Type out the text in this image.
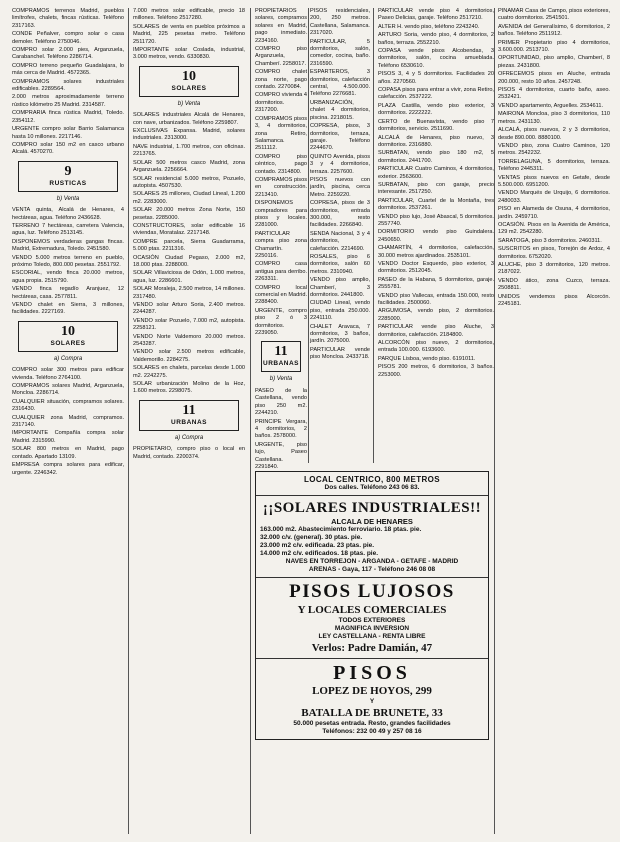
COMPRAMOS terrenos Madrid, pueblos limítrofes, chalets, fincas rústicas. Teléfono 2317163.

CONDE Peñalver, compro solar o casa demoler. Teléfono 2750046.

COMPRO solar 2.000 pies, Arganzuela, Carabanchel. Teléfono 2286714.

COMPRO terreno pequeño Guadalajara, lo más cerca de Madrid. 4572365.

COMPRAMOS solares industriales edificables. 2289564.

2.000 metros aproximadamente terreno rústico kilómetro 25 Madrid. 2314587.

COMPRARIA finca rústica Madrid, Toledo. 2354112.

URGENTE compro solar Barrio Salamanca hasta 10 millones. 2217146.

COMPRO solar 150 m2 en casco urbano Alcalá. 4570270.

9
RUSTICAS
b) Venta

VENTA quinta, Alcalá de Henares, 4 hectáreas, agua. Teléfono 2436628.

TERRENO 7 hectáreas, carretera Valencia, agua, luz. Teléfono 2513145.

DISPONEMOS verdaderas gangas fincas. Madrid, Extremadura, Toledo. 2451580.

VENDO 5.000 metros terreno en pueblo, próximo Toledo, 800.000 pesetas. 2551792.

ESCORIAL, vendo finca 20.000 metros, agua propia. 2515790.

VENDO finca regadío Aranjuez, 12 hectáreas, casa. 2577811.

VENDO chalet en Sierra, 3 millones, facilidades. 2227169.

10
SOLARES
a) Compra

COMPRO solar 300 metros para edificar vivienda. Teléfono 2764100.

COMPRAMOS solares Madrid, Arganzuela, Moncloa. 2286714.

CUALQUIER situación, compramos solares. 2316430.

CUALQUIER zona Madrid, compramos. 2317140.

IMPORTANTE Compañía compra solar Madrid. 2315990.

SOLAR 800 metros en Madrid, pago contado. Apartado 13109.

EMPRESA compra solares para edificar, urgente. 2246342.

7.000 metros solar edificable, precio 18 millones. Teléfono 2517280.

SOLARES de venta en pueblos próximos a Madrid, 225 pesetas metro. Teléfono 2511720.

IMPORTANTE solar Coslada, industrial, 3.000 metros, vendo. 6330830.

10
SOLARES
b) Venta

SOLARES industriales Alcalá de Henares, con nave, urbanizados. Teléfono 2259807.

EXCLUSIVAS Expansa. Madrid, solares industriales. 2313000.

NAVE industrial, 1.700 metros, con oficinas. 2213765.

SOLAR 500 metros casco Madrid, zona Arganzuela. 2256664.

SOLAR residencial 5.000 metros, Pozuelo, autopista. 4507530.

SOLARES 25 millones, Ciudad Lineal, 1.200 m2. 2283000.

SOLAR 20.000 metros Zona Norte, 150 pesetas. 2285000.

CONSTRUCTORES, solar edificable 16 viviendas, Moratalaz. 2217148.

COMPRE parcela, Sierra Guadarrama, 5.000 ptas. 2211316.

OCASIÓN Ciudad Pegaso, 2.000 m2, 18.000 ptas. 2288000.

SOLAR Villaviciosa de Odón, 1.000 metros, agua, luz. 2286601.

SOLAR Moraleja, 2.500 metros, 14 millones. 2317480.

VENDO solar Arturo Soria, 2.400 metros. 2244287.

VENDO solar Pozuelo, 7.000 m2, autopista. 2258121.

VENDO Norte Valdemoro 20.000 metros. 2543287.

VENDO solar 2.500 metros edificable, Valdemorillo. 2284275.

SOLARES en chalets, parcelas desde 1.000 m2. 2242275.

SOLAR urbanización Molino de la Hoz, 1.600 metros. 2298075.

11
URBANAS
a) Compra

PROPIETARIO, compro piso o local en Madrid, contado. 2200374.

PROPIETARIOS solares, compramos solares en Madrid, pago inmediato. 2234160.

COMPRO piso Arganzuela, Chamberí. 2258017.

COMPRO chalet zona norte, pago contado. 2270084.

COMPRO vivienda 4 dormitorios. 2317200.

COMPRAMOS pisos 3, 4 dormitorios, zona Retiro, Salamanca. 2511112.

COMPRO piso céntrico, pago contado. 2314800.

COMPRAMOS pisos en construcción. 2213410.

DISPONEMOS compradores para pisos y locales. 2281000.

PARTICULAR compra piso zona Chamartín. 2250116.

COMPRO casa antigua para derribo. 2263311.

COMPRO local comercial en Madrid. 2288400.

URGENTE, compro piso 2 ó 3 dormitorios. 2239050.

11
URBANAS
b) Venta

PASEO de la Castellana, vendo piso 250 m2. 2244210.

PRINCIPE Vergara, 4 dormitorios, 2 baños. 2578000.

URGENTE, piso lujo, Paseo Castellana. 2291840.

PISOS residenciales, 200, 250 metros. Castellana, Salamanca. 2317020.

PARTICULAR, 5 dormitorios, salón, comedor, cocina, baño. 2316590.

ESPARTEROS, 3 dormitorios, calefacción central, 4.500.000. Teléfono 2276681.

URBANIZACIÓN, chalet 4 dormitorios, piscina. 2218015.

COPRESA, pisos, 3 dormitorios, terraza, garaje. Teléfono 2244670.

QUINTO Avenida, pisos 3 y 4 dormitorios, terraza. 2257600.

PISOS nuevos con jardín, piscina, cerca Metro. 2259220.

COPRESA, pisos de 3 dormitorios, entrada 300.000, resto facilidades. 2266840.

SENDA Nacional, 3 y 4 dormitorios, calefacción. 2214690.

ROSALES, piso 6 dormitorios, salón 60 metros. 2310940.

VENDO piso amplio, Chamberí, 3 dormitorios. 2441800.

CIUDAD Lineal, vendo piso, entrada 250.000. 2241110.

CHALET Aravaca, 7 dormitorios, 3 baños, jardín. 2075000.

PARTICULAR vende piso Moncloa. 2433718.

PARTICULAR vende piso 4 dormitorios, Paseo Delicias, garaje. Teléfono 2517210.

ALTER H. vendo piso, teléfono 2243240.

ARTURO Soria, vendo piso, 4 dormitorios, 2 baños, terraza. 2552210.

COPASA vende pisos Alcobendas, 3 dormitorios, salón, cocina amueblada. Teléfono 6530610.

PISOS 3, 4 y 5 dormitorios. Facilidades 20 años. 2270560.

COPASA pisos para entrar a vivir, zona Retiro, calefacción. 2537222.

PLAZA Castilla, vendo piso exterior, 3 dormitorios. 2222222.

CERTO de Buenavista, vendo piso 7 dormitorios, servicio. 2511690.

ALCALÁ de Henares, piso nuevo, 3 dormitorios. 2316880.

SURBATAN, vendo piso 180 m2, 5 dormitorios. 2441700.

PARTICULAR Cuatro Caminos, 4 dormitorios, exterior. 2563600.

SURBATAN, piso con garaje, precio interesante. 2517250.

PARTICULAR, Cuartel de la Montaña, tres dormitorios. 2537261.

VENDO piso lujo, José Abascal, 5 dormitorios. 2557740.

DORMITORIO vendo piso Guindalera. 2450650.

CHAMARTÍN, 4 dormitorios, calefacción, 30.000 metros ajardinados. 2535101.

VENDO Doctor Esquerdo, piso exterior, 3 dormitorios. 2512045.

PASEO de la Habana, 5 dormitorios, garaje. 2555781.

VENDO piso Vallecas, entrada 150.000, resto facilidades. 2500060.

ARGUMOSA, vendo piso, 2 dormitorios. 2285000.

PARTICULAR vende piso Aluche, 3 dormitorios, calefacción. 2184800.

ALCORCÓN piso nuevo, 2 dormitorios, entrada 100.000. 6193600.

PARQUE Lisboa, vendo piso. 6191011.

PISOS 200 metros, 6 dormitorios, 3 baños. 2253000.

PINAMAR Casa de Campo, pisos exteriores, cuatro dormitorios. 2541501.

AVENIDA del Generalísimo, 6 dormitorios, 2 baños. Teléfono 2511912.

PRIMER Propietario piso 4 dormitorios, 3.600.000. 2513710.

OPORTUNIDAD, piso amplio, Chamberí, 8 piezas. 2431800.

OFRECEMOS pisos en Aluche, entrada 200.000, resto 10 años. 2457248.

PISOS 4 dormitorios, cuarto baño, aseo. 2532421.

VENDO apartamento, Arguelles. 2534611.

MAIRONA Moncloa, piso 3 dormitorios, 110 metros. 2431130.

ALCALÁ, pisos nuevos, 2 y 3 dormitorios, desde 890.000. 8880100.

VENDO piso, zona Cuatro Caminos, 120 metros. 2542232.

TORRELAGUNA, 5 dormitorios, terraza. Teléfono 2445311.

VENTAS pisos nuevos en Getafe, desde 5.500.000. 6951200.

VENDO Marqués de Urquijo, 6 dormitorios. 2480033.

PISO en Alameda de Osuna, 4 dormitorios, jardín. 2459710.

OCASIÓN. Pisos en la Avenida de América, 129 m2. 2542280.

SARATOGA, piso 3 dormitorios. 2460311.

SUSCRITOS en pisos, Torrejón de Ardoz, 4 dormitorios. 6752020.

ALUCHE, piso 3 dormitorios, 120 metros. 2187022.

VENDO ático, zona Cuzco, terraza. 2508811.

UNIDOS vendemos pisos Alcorcón. 2245181.

LOCAL CENTRICO, 800 METROS
Dos calles. Teléfono 243 06 83.
¡¡SOLARES INDUSTRIALES!!
ALCALA DE HENARES
163.000 m2. Abastecimiento ferroviario. 18 ptas. pie.
32.000 c/v. (general). 30 ptas. pie.
23.000 m2 c/v. edificada. 23 ptas. pie.
14.000 m2 c/v. edificados. 18 ptas. pie.
NAVES EN TORREJON - ARGANDA - GETAFE - MADRID
ARENAS - Gaya, 117 - Teléfono 246 08 08
PISOS LUJOSOS
Y LOCALES COMERCIALES
TODOS EXTERIORES
MAGNIFICA INVERSION
LEY CASTELLANA - RENTA LIBRE
Verlos: Padre Damián, 47
PISOS
LOPEZ DE HOYOS, 299
Y
BATALLA DE BRUNETE, 33
50.000 pesetas entrada. Resto, grandes facilidades
Teléfonos: 232 00 49 y 257 08 16
